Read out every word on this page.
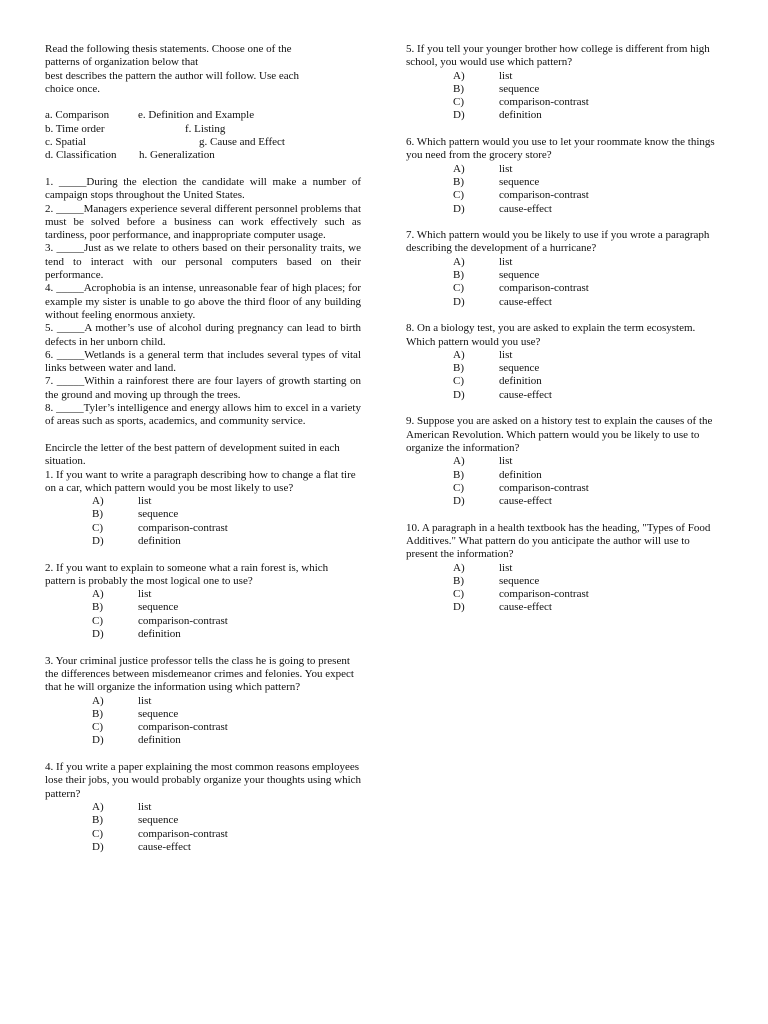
Read the following thesis statements. Choose one of the

patterns of organization below that

best describes the pattern the author will follow. Use each

choice once.

a. Comparison	e. Definition and Example
b. Time order	f. Listing
c. Spatial	g. Cause and Effect
d. Classification h. Generalization

1. _____During the election the candidate will make a number of campaign stops throughout the United States.

2. _____Managers experience several different personnel problems that must be solved before a business can work effectively such as tardiness, poor performance, and inappropriate computer usage.

3. _____Just as we relate to others based on their personality traits, we tend to interact with our personal computers based on their performance.

4. _____Acrophobia is an intense, unreasonable fear of high places; for example my sister is unable to go above the third floor of any building without feeling enormous anxiety.

5. _____A mother’s use of alcohol during pregnancy can lead to birth defects in her unborn child.

6. _____Wetlands is a general term that includes several types of vital links between water and land.

7. _____Within a rainforest there are four layers of growth starting on the ground and moving up through the trees.

8. _____Tyler’s intelligence and energy allows him to excel in a variety of areas such as sports, academics, and community service.

Encircle the letter of the best pattern of development suited in each situation.

1. If you want to write a paragraph describing how to change a flat tire on a car, which pattern would you be most likely to use?

A)	list
B)	sequence
C)	comparison-contrast
D)	definition

2. If you want to explain to someone what a rain forest is, which pattern is probably the most logical one to use?

A)	list
B)	sequence
C)	comparison-contrast
D)	definition

3. Your criminal justice professor tells the class he is going to present the differences between misdemeanor crimes and felonies. You expect that he will organize the information using which pattern?

A)	list
B)	sequence
C)	comparison-contrast
D)	definition

4. If you write a paper explaining the most common reasons employees lose their jobs, you would probably organize your thoughts using which pattern?

A)	list
B)	sequence
C)	comparison-contrast
D)	cause-effect

5. If you tell your younger brother how college is different from high school, you would use which pattern?

A)	list
B)	sequence
C)	comparison-contrast
D)	definition

6. Which pattern would you use to let your roommate know the things you need from the grocery store?

A)	list
B)	sequence
C)	comparison-contrast
D)	cause-effect

7. Which pattern would you be likely to use if you wrote a paragraph describing the development of a hurricane?

A)	list
B)	sequence
C)	comparison-contrast
D)	cause-effect

8. On a biology test, you are asked to explain the term ecosystem. Which pattern would you use?

A)	list
B)	sequence
C)	definition
D)	cause-effect

9. Suppose you are asked on a history test to explain the causes of the American Revolution. Which pattern would you be likely to use to organize the information?

A)	list
B)	definition
C)	comparison-contrast
D)	cause-effect

10. A paragraph in a health textbook has the heading, "Types of Food Additives." What pattern do you anticipate the author will use to present the information?

A)	list
B)	sequence
C)	comparison-contrast
D)	cause-effect
